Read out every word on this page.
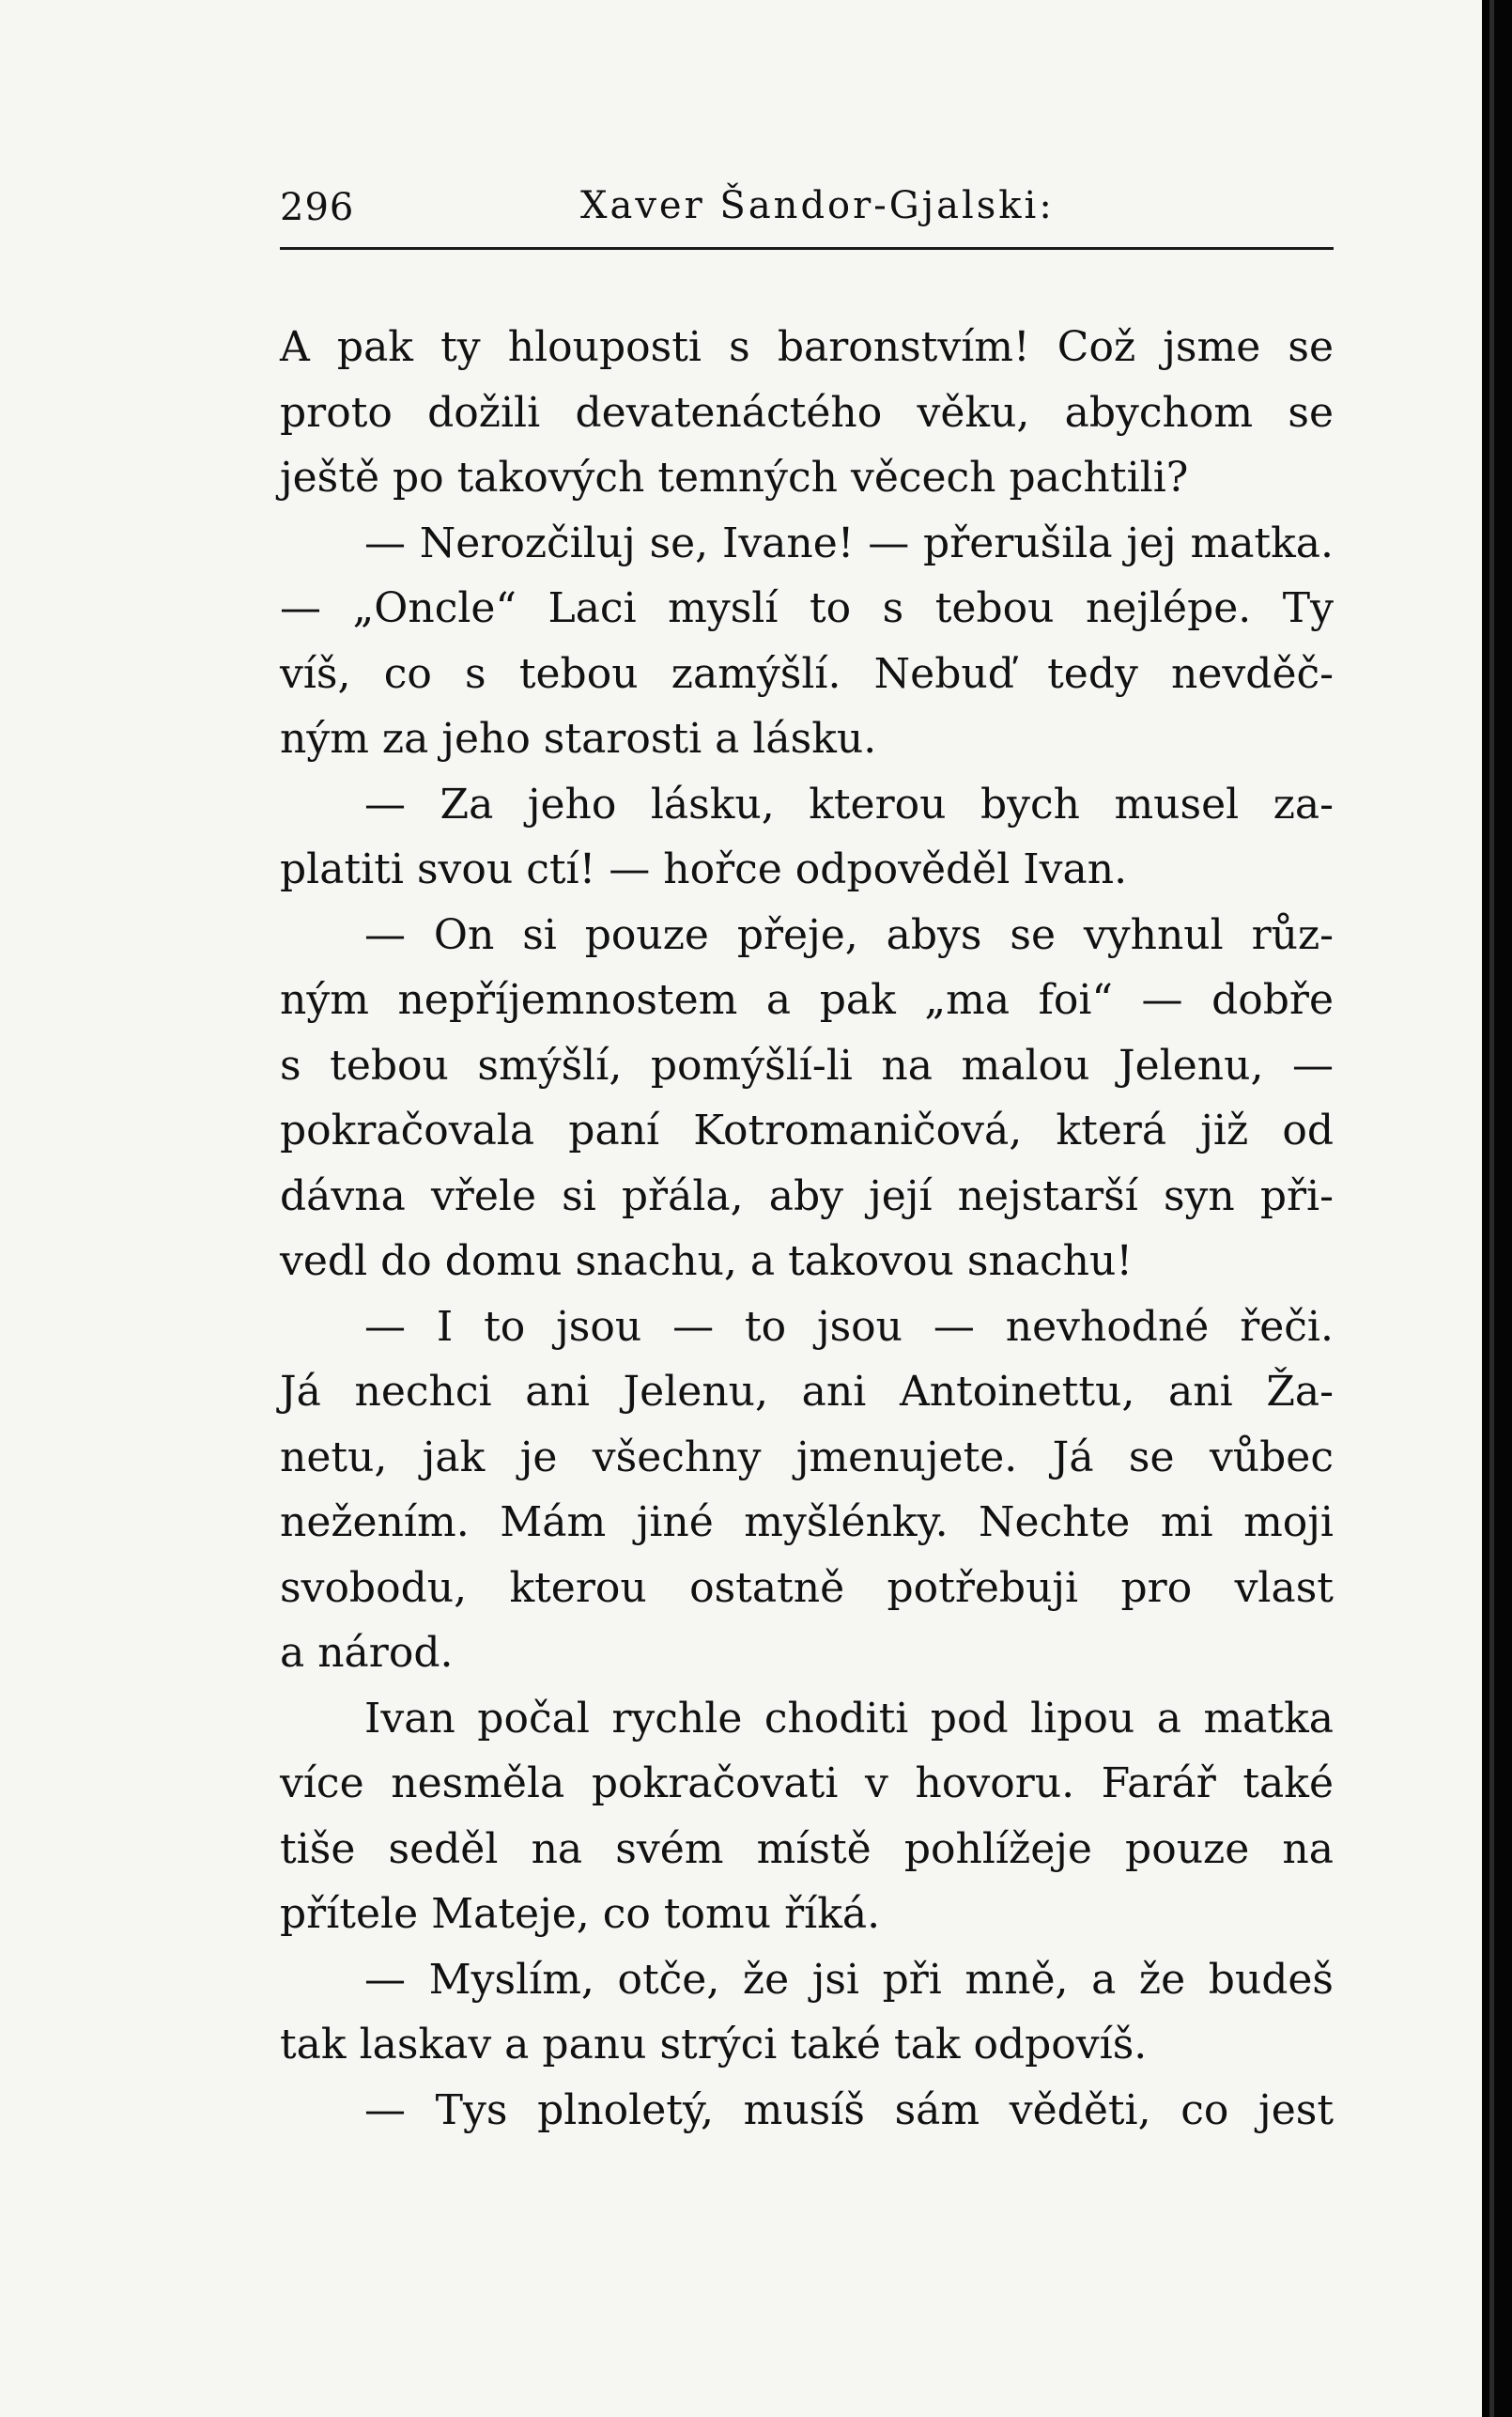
296	Xaver Šandor-Gjalski:
A pak ty hlouposti s baronstvím! Což jsme se
proto dožili devatenáctého věku, abychom se
ještě po takových temných věcech pachtili?
— Nerozčiluj se, Ivane! — přerušila jej matka.
— „Oncle“ Laci myslí to s tebou nejlépe. Ty
víš, co s tebou zamýšlí. Nebuď tedy nevděč-
ným za jeho starosti a lásku.
— Za jeho lásku, kterou bych musel za-
platiti svou ctí! — hořce odpověděl Ivan.
— On si pouze přeje, abys se vyhnul růz-
ným nepříjemnostem a pak „ma foi“ — dobře
s tebou smýšlí, pomýšlí-li na malou Jelenu, —
pokračovala paní Kotromaničová, která již od
dávna vřele si přála, aby její nejstarší syn při-
vedl do domu snachu, a takovou snachu!
— I to jsou — to jsou — nevhodné řeči.
Já nechci ani Jelenu, ani Antoinettu, ani Ža-
netu, jak je všechny jmenujete. Já se vůbec
nežením. Mám jiné myšlénky. Nechte mi moji
svobodu, kterou ostatně potřebuji pro vlast
a národ.
Ivan počal rychle choditi pod lipou a matka
více nesměla pokračovati v hovoru. Farář také
tiše seděl na svém místě pohlížeje pouze na
přítele Mateje, co tomu říká.
— Myslím, otče, že jsi při mně, a že budeš
tak laskav a panu strýci také tak odpovíš.
— Tys plnoletý, musíš sám věděti, co jest
